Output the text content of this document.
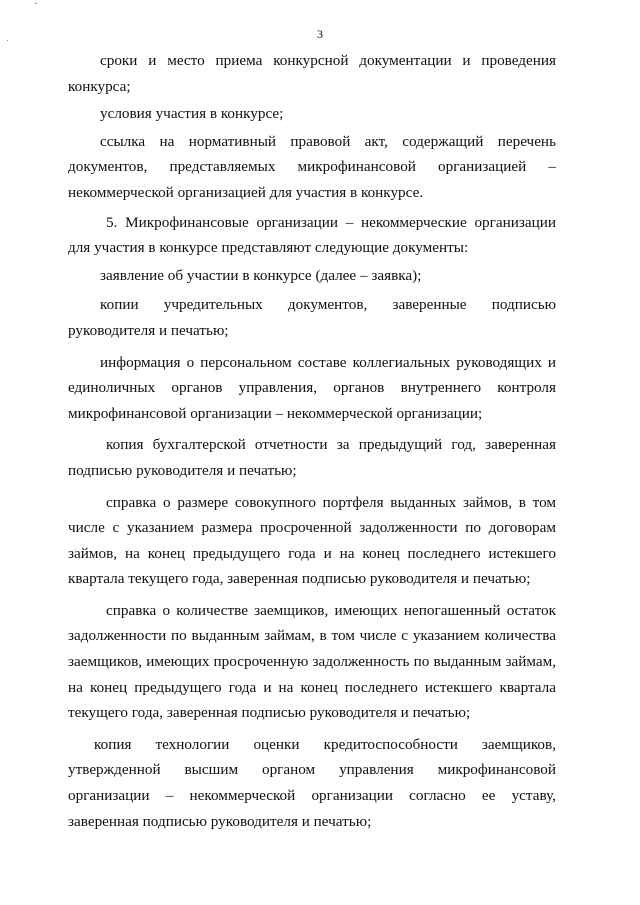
ˇ
·
3

сроки и место приема конкурсной документации и проведения конкурса;

условия участия в конкурсе;

ссылка на нормативный правовой акт, содержащий перечень документов, представляемых микрофинансовой организацией – некоммерческой организацией для участия в конкурсе.

5. Микрофинансовые организации – некоммерческие организации для участия в конкурсе представляют следующие документы:

заявление об участии в конкурсе (далее – заявка);

копии учредительных документов, заверенные подписью руководителя и печатью;

информация о персональном составе коллегиальных руководящих и единоличных органов управления, органов внутреннего контроля микрофинансовой организации – некоммерческой организации;

копия бухгалтерской отчетности за предыдущий год, заверенная подписью руководителя и печатью;

справка о размере совокупного портфеля выданных займов, в том числе с указанием размера просроченной задолженности по договорам займов, на конец предыдущего года и на конец последнего истекшего квартала текущего года, заверенная подписью руководителя и печатью;

справка о количестве заемщиков, имеющих непогашенный остаток задолженности по выданным займам, в том числе с указанием количества заемщиков, имеющих просроченную задолженность по выданным займам, на конец предыдущего года и на конец последнего истекшего квартала текущего года, заверенная подписью руководителя и печатью;

копия технологии оценки кредитоспособности заемщиков, утвержденной высшим органом управления микрофинансовой организации – некоммерческой организации согласно ее уставу, заверенная подписью руководителя и печатью;
